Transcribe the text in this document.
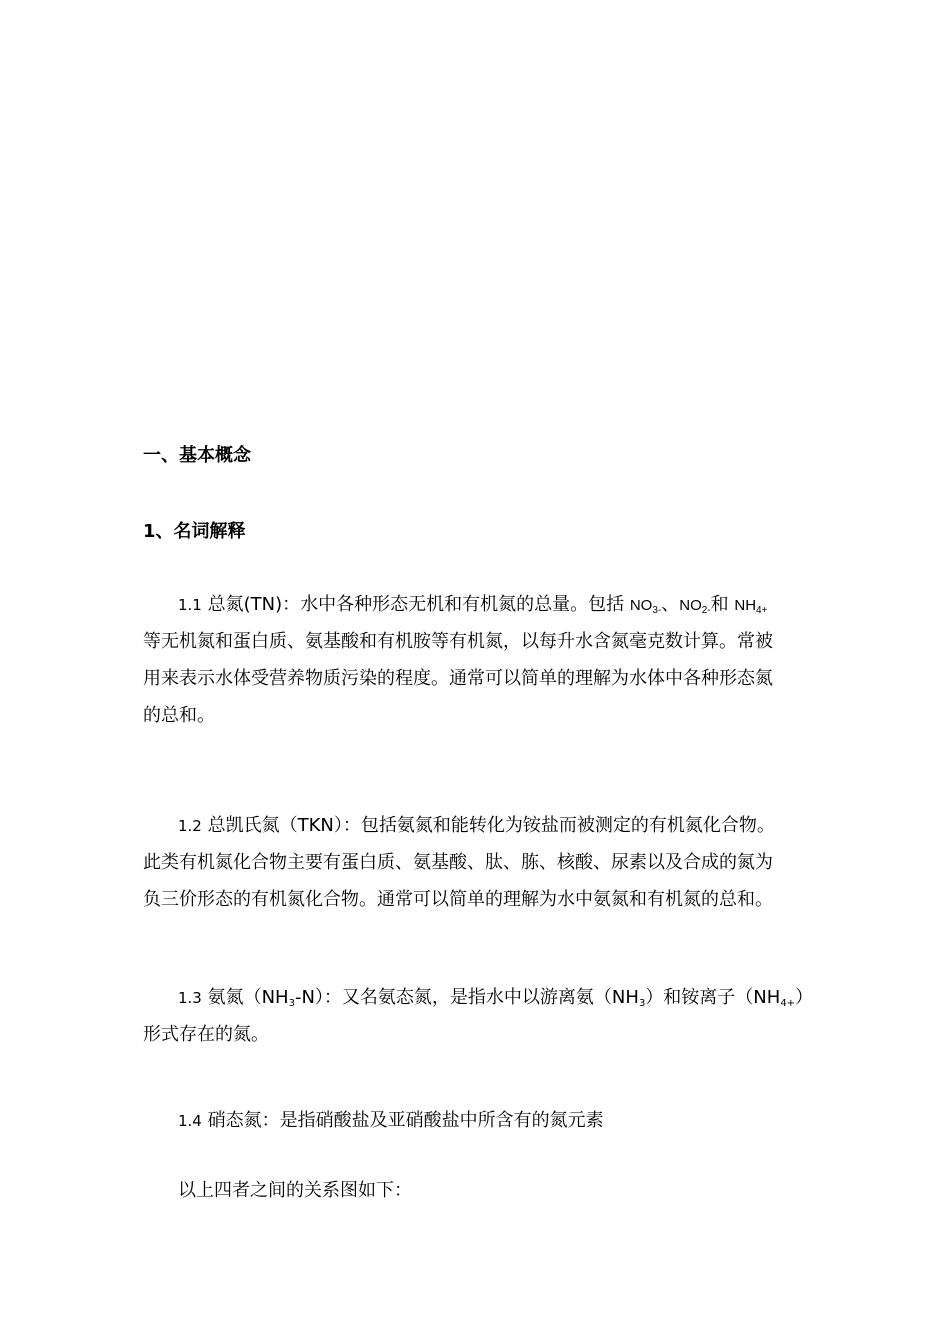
一、基本概念
1、名词解释
1.1 总氮(TN)：水中各种形态无机和有机氮的总量。包括 $NO_{3-}$、$NO_{2-}$和 $NH_{4+}$
等无机氮和蛋白质、氨基酸和有机胺等有机氮，以每升水含氮毫克数计算。常被
用来表示水体受营养物质污染的程度。通常可以简单的理解为水体中各种形态氮
的总和。
1.2 总凯氏氮（TKN）：包括氨氮和能转化为铵盐而被测定的有机氮化合物。
此类有机氮化合物主要有蛋白质、氨基酸、肽、胨、核酸、尿素以及合成的氮为
负三价形态的有机氮化合物。通常可以简单的理解为水中氨氮和有机氮的总和。
1.3 氨氮$(NH_3-N)$：又名氨态氮，是指水中以游离氨$(NH_3)$和铵离子$(NH_{4+})$
形式存在的氮。
1.4 硝态氮：是指硝酸盐及亚硝酸盐中所含有的氮元素
以上四者之间的关系图如下：
